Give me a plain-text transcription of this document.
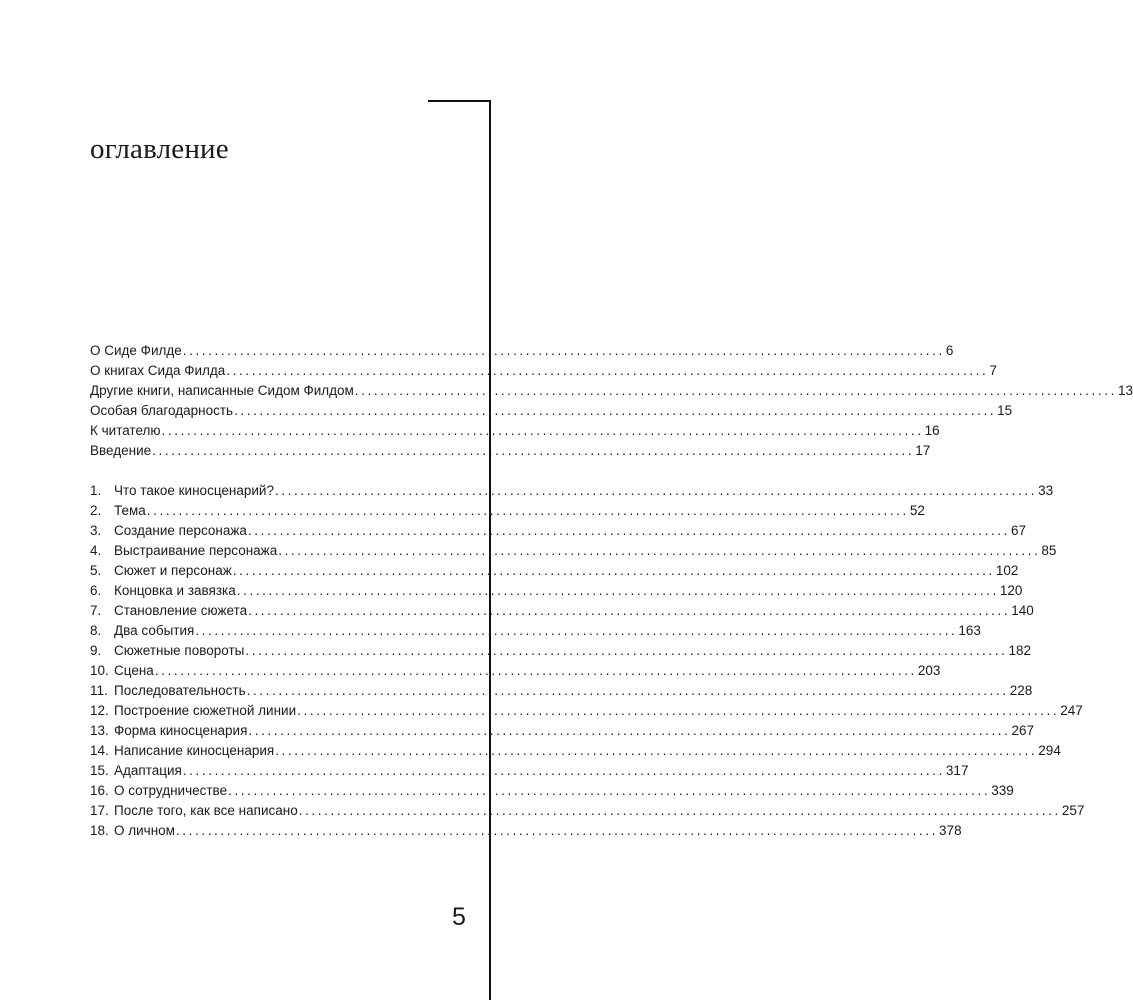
оглавление
О Сиде Филде ........................................................................................................................ 6
О книгах Сида Филда ........................................................................................................................ 7
Другие книги, написанные Сидом Филдом ........................................................................................................................ 13
Особая благодарность ........................................................................................................................ 15
К читателю ........................................................................................................................ 16
Введение ........................................................................................................................ 17
1. Что такое киносценарий? ........................................................................................................................ 33
2. Тема ........................................................................................................................ 52
3. Создание персонажа ........................................................................................................................ 67
4. Выстраивание персонажа ........................................................................................................................ 85
5. Сюжет и персонаж ........................................................................................................................ 102
6. Концовка и завязка ........................................................................................................................ 120
7. Становление сюжета ........................................................................................................................ 140
8. Два события ........................................................................................................................ 163
9. Сюжетные повороты ........................................................................................................................ 182
10. Сцена ........................................................................................................................ 203
11. Последовательность ........................................................................................................................ 228
12. Построение сюжетной линии ........................................................................................................................ 247
13. Форма киносценария ........................................................................................................................ 267
14. Написание киносценария ........................................................................................................................ 294
15. Адаптация ........................................................................................................................ 317
16. О сотрудничестве ........................................................................................................................ 339
17. После того, как все написано ........................................................................................................................ 257
18. О личном ........................................................................................................................ 378
5
